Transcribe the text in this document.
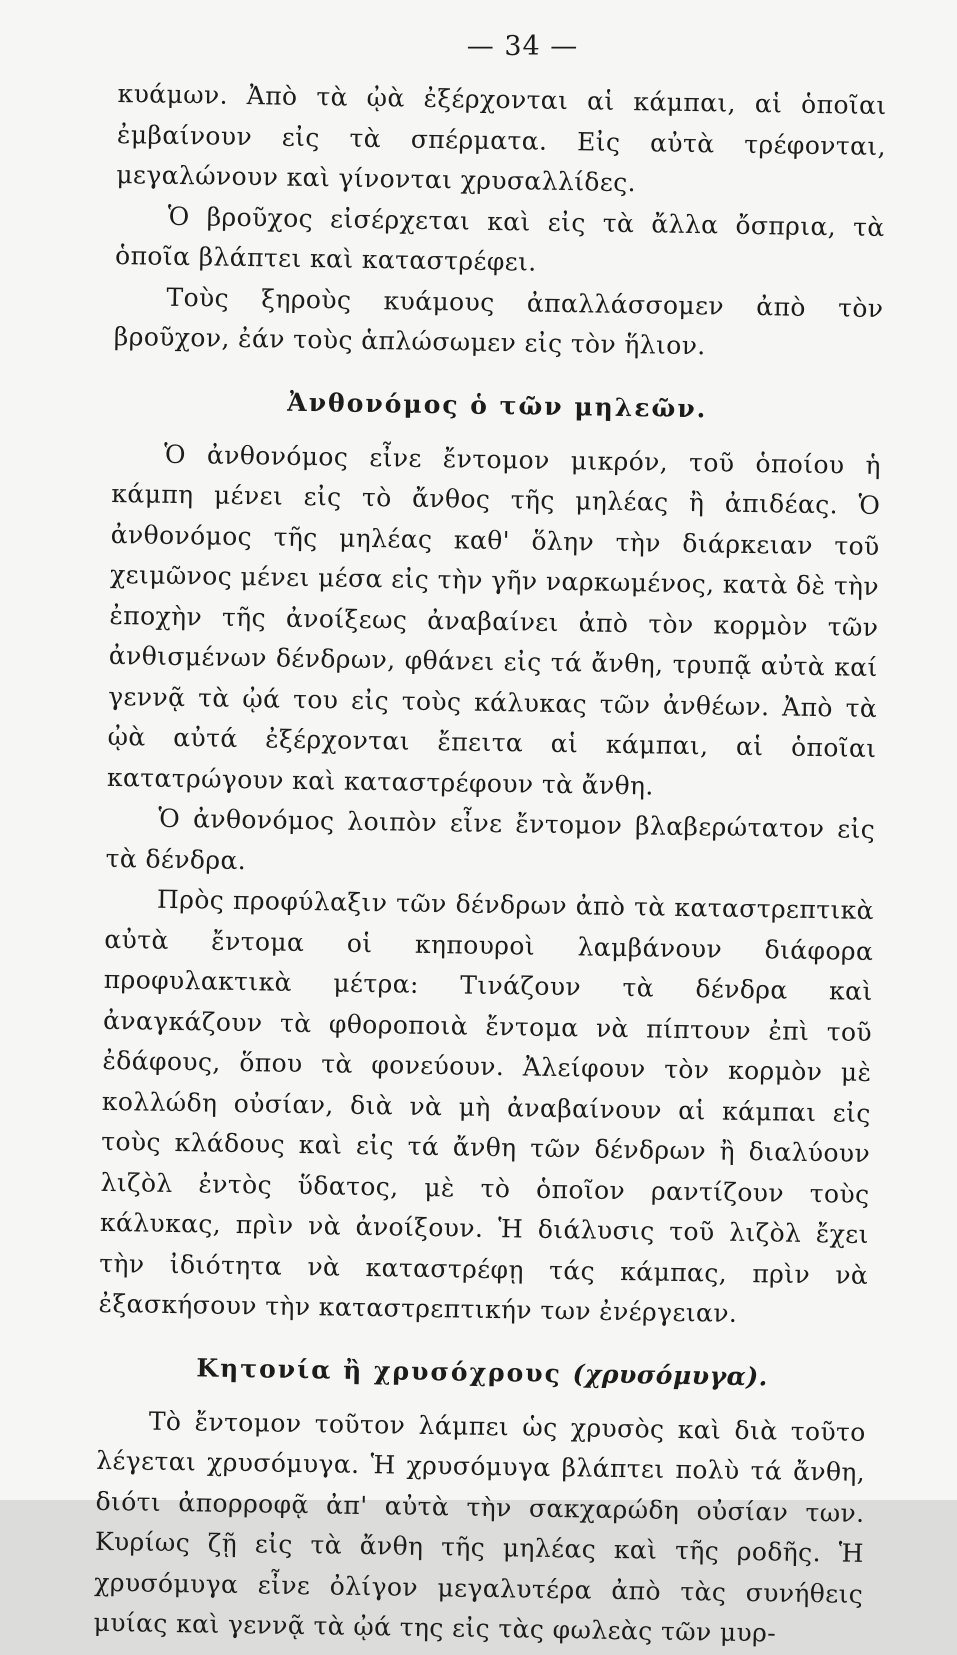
— 34 —

κυάμων. Ἀπὸ τὰ ᾠὰ ἐξέρχονται αἱ κάμπαι, αἱ ὁποῖαι ἐμβαίνουν εἰς τὰ σπέρματα. Εἰς αὐτὰ τρέφονται, μεγαλώνουν καὶ γίνονται χρυσαλλίδες.

Ὁ βροῦχος εἰσέρχεται καὶ εἰς τὰ ἄλλα ὄσπρια, τὰ ὁποῖα βλάπτει καὶ καταστρέφει.

Τοὺς ξηροὺς κυάμους ἀπαλλάσσομεν ἀπὸ τὸν βροῦχον, ἐάν τοὺς ἁπλώσωμεν εἰς τὸν ἥλιον.

Ἀνθονόμος ὁ τῶν μηλεῶν.

Ὁ ἀνθονόμος εἶνε ἔντομον μικρόν, τοῦ ὁποίου ἡ κάμπη μένει εἰς τὸ ἄνθος τῆς μηλέας ἢ ἀπιδέας. Ὁ ἀνθονόμος τῆς μηλέας καθ' ὅλην τὴν διάρκειαν τοῦ χειμῶνος μένει μέσα εἰς τὴν γῆν ναρκωμένος, κατὰ δὲ τὴν ἐποχὴν τῆς ἀνοίξεως ἀναβαίνει ἀπὸ τὸν κορμὸν τῶν ἀνθισμένων δένδρων, φθάνει εἰς τά ἄνθη, τρυπᾷ αὐτὰ καί γεννᾷ τὰ ᾠά του εἰς τοὺς κάλυκας τῶν ἀνθέων. Ἀπὸ τὰ ᾠὰ αὐτά ἐξέρχονται ἔπειτα αἱ κάμπαι, αἱ ὁποῖαι κατατρώγουν καὶ καταστρέφουν τὰ ἄνθη.

Ὁ ἀνθονόμος λοιπὸν εἶνε ἔντομον βλαβερώτατον εἰς τὰ δένδρα.

Πρὸς προφύλαξιν τῶν δένδρων ἀπὸ τὰ καταστρεπτικὰ αὐτὰ ἔντομα οἱ κηπουροὶ λαμβάνουν διάφορα προφυλακτικὰ μέτρα: Τινάζουν τὰ δένδρα καὶ ἀναγκάζουν τὰ φθοροποιὰ ἔντομα νὰ πίπτουν ἐπὶ τοῦ ἐδάφους, ὅπου τὰ φονεύουν. Ἀλείφουν τὸν κορμὸν μὲ κολλώδη οὐσίαν, διὰ νὰ μὴ ἀναβαίνουν αἱ κάμπαι εἰς τοὺς κλάδους καὶ εἰς τά ἄνθη τῶν δένδρων ἢ διαλύουν λιζὸλ ἐντὸς ὕδατος, μὲ τὸ ὁποῖον ραντίζουν τοὺς κάλυκας, πρὶν νὰ ἀνοίξουν. Ἡ διάλυσις τοῦ λιζὸλ ἔχει τὴν ἰδιότητα νὰ καταστρέφῃ τάς κάμπας, πρὶν νὰ ἐξασκήσουν τὴν καταστρεπτικήν των ἐνέργειαν.

Κητονία ἢ χρυσόχρους (χρυσόμυγα).

Τὸ ἔντομον τοῦτον λάμπει ὡς χρυσὸς καὶ διὰ τοῦτο λέγεται χρυσόμυγα. Ἡ χρυσόμυγα βλάπτει πολὺ τά ἄνθη, διότι ἀπορροφᾷ ἀπ' αὐτὰ τὴν σακχαρώδη οὐσίαν των. Κυρίως ζῇ εἰς τὰ ἄνθη τῆς μηλέας καὶ τῆς ροδῆς. Ἡ χρυσόμυγα εἶνε ὀλίγον μεγαλυτέρα ἀπὸ τὰς συνήθεις μυίας καὶ γεννᾷ τὰ ᾠά της εἰς τὰς φωλεὰς τῶν μυρ-
